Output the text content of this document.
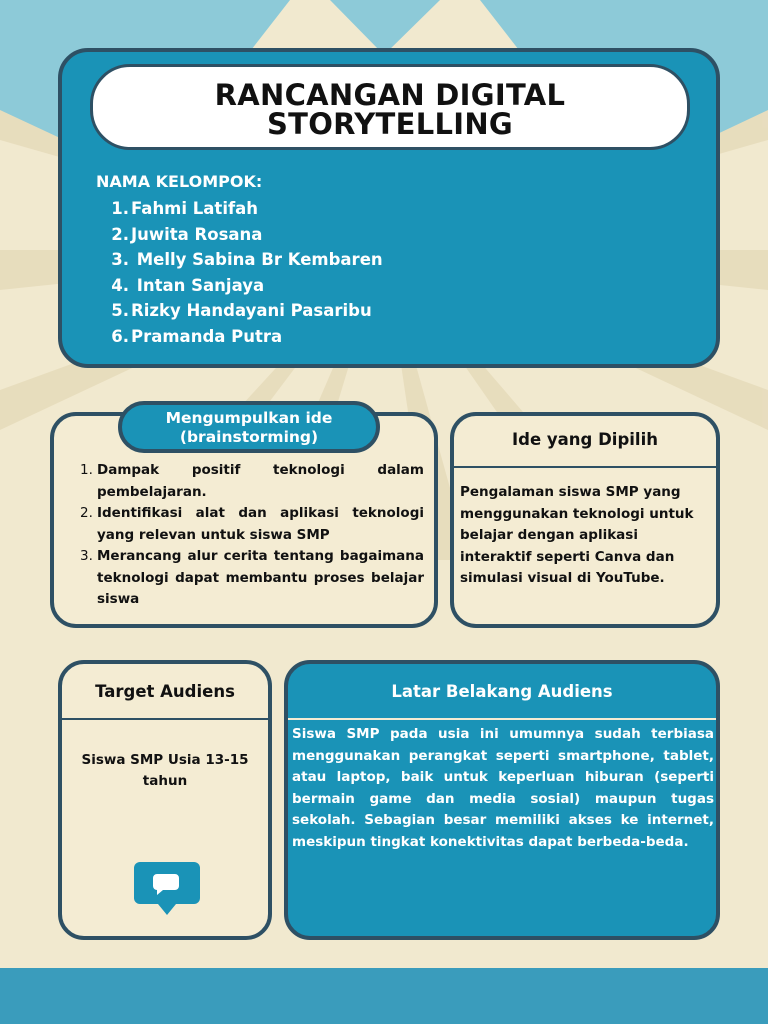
RANCANGAN DIGITAL
STORYTELLING
NAMA KELOMPOK:
1. Fahmi Latifah
2. Juwita Rosana
3. Melly Sabina Br Kembaren
4. Intan Sanjaya
5. Rizky Handayani Pasaribu
6. Pramanda Putra
Mengumpulkan ide
(brainstorming)
1. Dampak positif teknologi dalam pembelajaran.
2. Identifikasi alat dan aplikasi teknologi yang relevan untuk siswa SMP
3. Merancang alur cerita tentang bagaimana teknologi dapat membantu proses belajar siswa
Ide yang Dipilih
Pengalaman siswa SMP yang menggunakan teknologi untuk belajar dengan aplikasi interaktif seperti Canva dan simulasi visual di YouTube.
Target Audiens
Siswa SMP Usia 13-15 tahun
Latar Belakang Audiens
Siswa SMP pada usia ini umumnya sudah terbiasa menggunakan perangkat seperti smartphone, tablet, atau laptop, baik untuk keperluan hiburan (seperti bermain game dan media sosial) maupun tugas sekolah. Sebagian besar memiliki akses ke internet, meskipun tingkat konektivitas dapat berbeda-beda.
